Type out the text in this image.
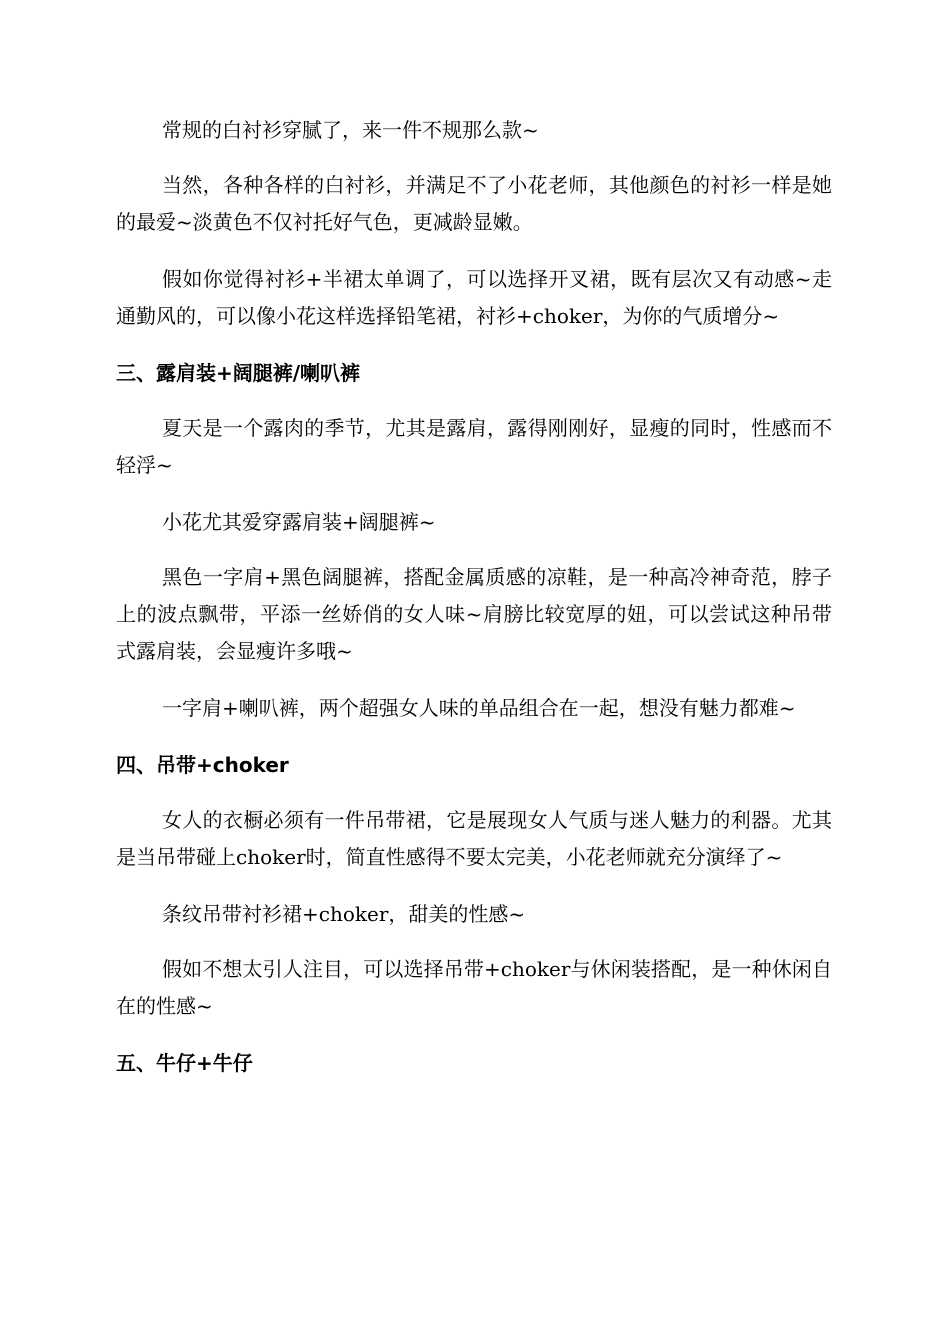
常规的白衬衫穿腻了，来一件不规那么款~

当然，各种各样的白衬衫，并满足不了小花老师，其他颜色的衬衫一样是她的最爱~淡黄色不仅衬托好气色，更减龄显嫩。

假如你觉得衬衫+半裙太单调了，可以选择开叉裙，既有层次又有动感~走通勤风的，可以像小花这样选择铅笔裙，衬衫+choker，为你的气质增分~

三、露肩装+阔腿裤/喇叭裤

夏天是一个露肉的季节，尤其是露肩，露得刚刚好，显瘦的同时，性感而不轻浮~

小花尤其爱穿露肩装+阔腿裤~

黑色一字肩+黑色阔腿裤，搭配金属质感的凉鞋，是一种高冷神奇范，脖子上的波点飘带，平添一丝娇俏的女人味~肩膀比较宽厚的妞，可以尝试这种吊带式露肩装，会显瘦许多哦~

一字肩+喇叭裤，两个超强女人味的单品组合在一起，想没有魅力都难~

四、吊带+choker

女人的衣橱必须有一件吊带裙，它是展现女人气质与迷人魅力的利器。尤其是当吊带碰上choker时，简直性感得不要太完美，小花老师就充分演绎了~

条纹吊带衬衫裙+choker，甜美的性感~

假如不想太引人注目，可以选择吊带+choker与休闲装搭配，是一种休闲自在的性感~

五、牛仔+牛仔
